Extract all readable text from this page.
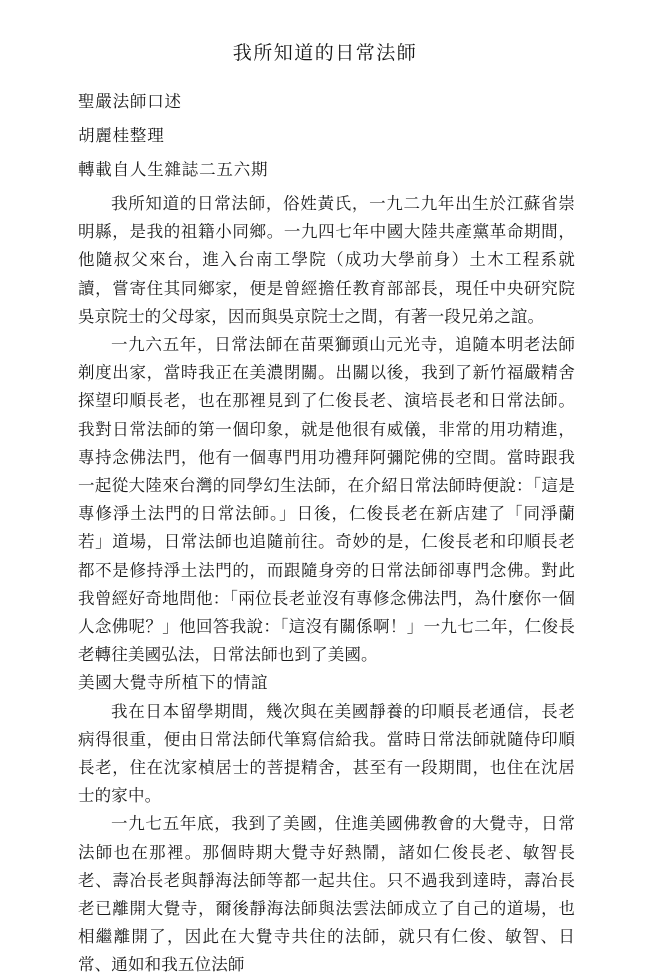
我所知道的日常法師
聖嚴法師口述
胡麗桂整理
轉載自人生雜誌二五六期

我所知道的日常法師，俗姓黃氏，一九二九年出生於江蘇省崇明縣，是我的祖籍小同鄉。一九四七年中國大陸共產黨革命期間，他隨叔父來台，進入台南工學院（成功大學前身）土木工程系就讀，嘗寄住其同鄉家，便是曾經擔任教育部部長，現任中央研究院吳京院士的父母家，因而與吳京院士之間，有著一段兄弟之誼。

一九六五年，日常法師在苗栗獅頭山元光寺，追隨本明老法師剃度出家，當時我正在美濃閉關。出關以後，我到了新竹福嚴精舍探望印順長老，也在那裡見到了仁俊長老、演培長老和日常法師。我對日常法師的第一個印象，就是他很有威儀，非常的用功精進，專持念佛法門，他有一個專門用功禮拜阿彌陀佛的空間。當時跟我一起從大陸來台灣的同學幻生法師，在介紹日常法師時便說：「這是專修淨土法門的日常法師。」日後，仁俊長老在新店建了「同淨蘭若」道場，日常法師也追隨前往。奇妙的是，仁俊長老和印順長老都不是修持淨土法門的，而跟隨身旁的日常法師卻專門念佛。對此我曾經好奇地問他：「兩位長老並沒有專修念佛法門，為什麼你一個人念佛呢？」他回答我說：「這沒有關係啊！」一九七二年，仁俊長老轉往美國弘法，日常法師也到了美國。

美國大覺寺所植下的情誼

我在日本留學期間，幾次與在美國靜養的印順長老通信，長老病得很重，便由日常法師代筆寫信給我。當時日常法師就隨侍印順長老，住在沈家楨居士的菩提精舍，甚至有一段期間，也住在沈居士的家中。

一九七五年底，我到了美國，住進美國佛教會的大覺寺，日常法師也在那裡。那個時期大覺寺好熱鬧，諸如仁俊長老、敏智長老、壽冶長老與靜海法師等都一起共住。只不過我到達時，壽冶長老已離開大覺寺，爾後靜海法師與法雲法師成立了自己的道場，也相繼離開了，因此在大覺寺共住的法師，就只有仁俊、敏智、日常、通如和我五位法師
